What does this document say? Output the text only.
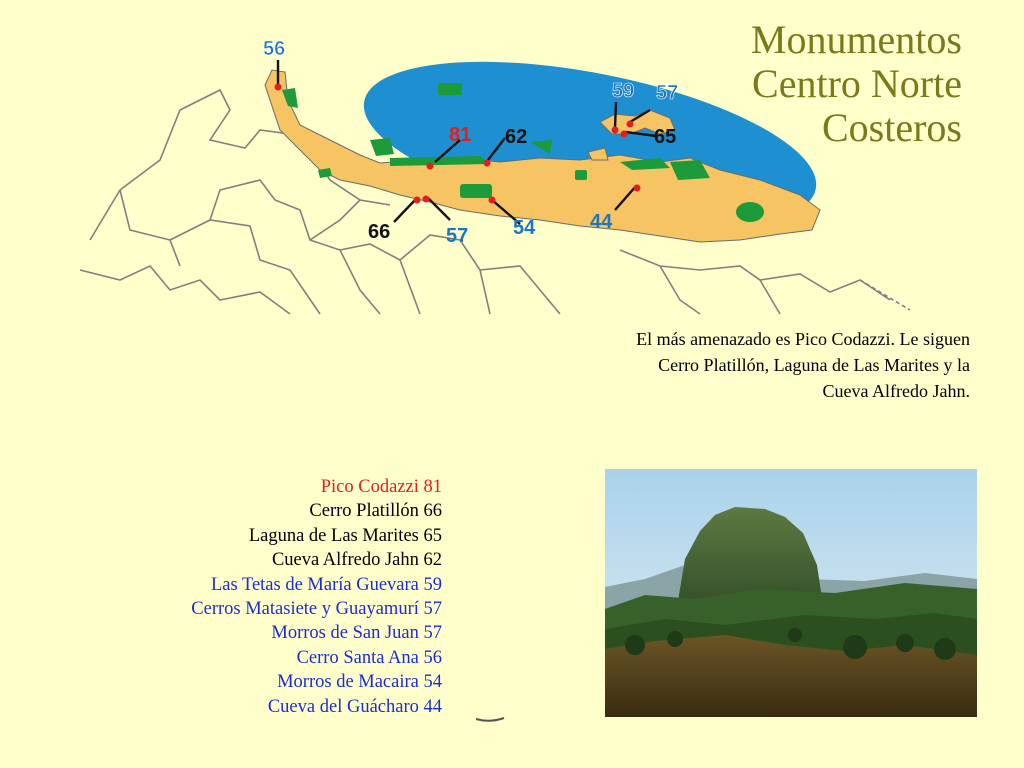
Monumentos
Centro Norte
Costeros
56
81 62
59 57
65
44
54
57
66
El más amenazado es Pico Codazzi. Le siguen
Cerro Platillón, Laguna de Las Marites y la
Cueva Alfredo Jahn.
Pico Codazzi 81
Cerro Platillón 66
Laguna de Las Marites 65
Cueva Alfredo Jahn 62
Las Tetas de María Guevara 59
Cerros Matasiete y Guayamurí 57
Morros de San Juan 57
Cerro Santa Ana 56
Morros de Macaira 54
Cueva del Guácharo 44
